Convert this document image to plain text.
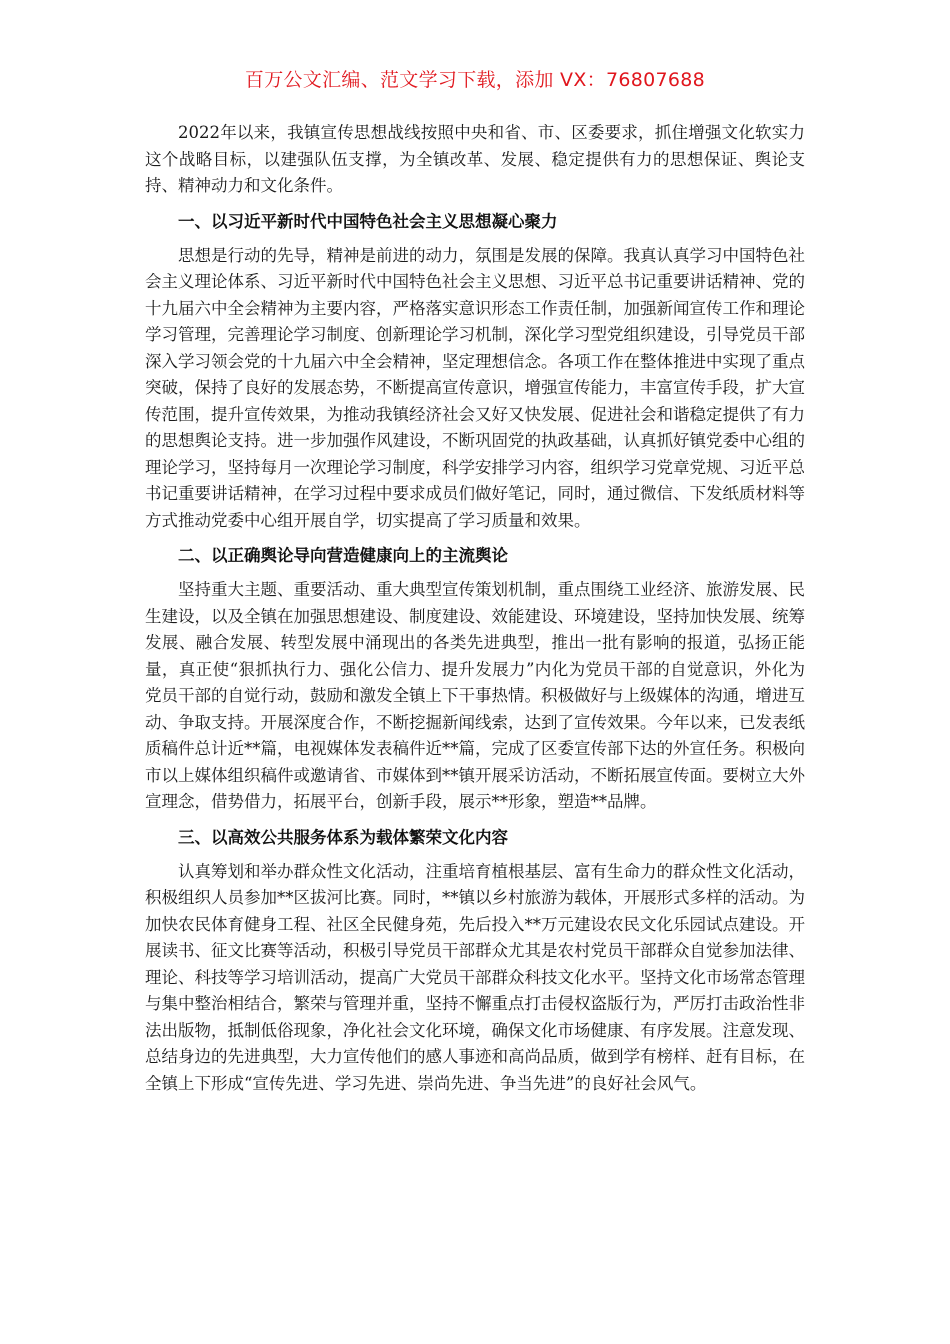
百万公文汇编、范文学习下载，添加 VX：76807688

2022年以来，我镇宣传思想战线按照中央和省、市、区委要求，抓住增强文化软实力这个战略目标，以建强队伍支撑，为全镇改革、发展、稳定提供有力的思想保证、舆论支持、精神动力和文化条件。

一、以习近平新时代中国特色社会主义思想凝心聚力

思想是行动的先导，精神是前进的动力，氛围是发展的保障。我真认真学习中国特色社会主义理论体系、习近平新时代中国特色社会主义思想、习近平总书记重要讲话精神、党的十九届六中全会精神为主要内容，严格落实意识形态工作责任制，加强新闻宣传工作和理论学习管理，完善理论学习制度、创新理论学习机制，深化学习型党组织建设，引导党员干部深入学习领会党的十九届六中全会精神，坚定理想信念。各项工作在整体推进中实现了重点突破，保持了良好的发展态势，不断提高宣传意识，增强宣传能力，丰富宣传手段，扩大宣传范围，提升宣传效果，为推动我镇经济社会又好又快发展、促进社会和谐稳定提供了有力的思想舆论支持。进一步加强作风建设，不断巩固党的执政基础，认真抓好镇党委中心组的理论学习，坚持每月一次理论学习制度，科学安排学习内容，组织学习党章党规、习近平总书记重要讲话精神，在学习过程中要求成员们做好笔记，同时，通过微信、下发纸质材料等方式推动党委中心组开展自学，切实提高了学习质量和效果。

二、以正确舆论导向营造健康向上的主流舆论

坚持重大主题、重要活动、重大典型宣传策划机制，重点围绕工业经济、旅游发展、民生建设，以及全镇在加强思想建设、制度建设、效能建设、环境建设，坚持加快发展、统筹发展、融合发展、转型发展中涌现出的各类先进典型，推出一批有影响的报道，弘扬正能量，真正使“狠抓执行力、强化公信力、提升发展力”内化为党员干部的自觉意识，外化为党员干部的自觉行动，鼓励和激发全镇上下干事热情。积极做好与上级媒体的沟通，增进互动、争取支持。开展深度合作，不断挖掘新闻线索，达到了宣传效果。今年以来，已发表纸质稿件总计近**篇，电视媒体发表稿件近**篇，完成了区委宣传部下达的外宣任务。积极向市以上媒体组织稿件或邀请省、市媒体到**镇开展采访活动，不断拓展宣传面。要树立大外宣理念，借势借力，拓展平台，创新手段，展示**形象，塑造**品牌。

三、以高效公共服务体系为载体繁荣文化内容

认真筹划和举办群众性文化活动，注重培育植根基层、富有生命力的群众性文化活动，积极组织人员参加**区拔河比赛。同时，**镇以乡村旅游为载体，开展形式多样的活动。为加快农民体育健身工程、社区全民健身苑，先后投入**万元建设农民文化乐园试点建设。开展读书、征文比赛等活动，积极引导党员干部群众尤其是农村党员干部群众自觉参加法律、理论、科技等学习培训活动，提高广大党员干部群众科技文化水平。坚持文化市场常态管理与集中整治相结合，繁荣与管理并重，坚持不懈重点打击侵权盗版行为，严厉打击政治性非法出版物，抵制低俗现象，净化社会文化环境，确保文化市场健康、有序发展。注意发现、总结身边的先进典型，大力宣传他们的感人事迹和高尚品质，做到学有榜样、赶有目标，在全镇上下形成“宣传先进、学习先进、崇尚先进、争当先进”的良好社会风气。
